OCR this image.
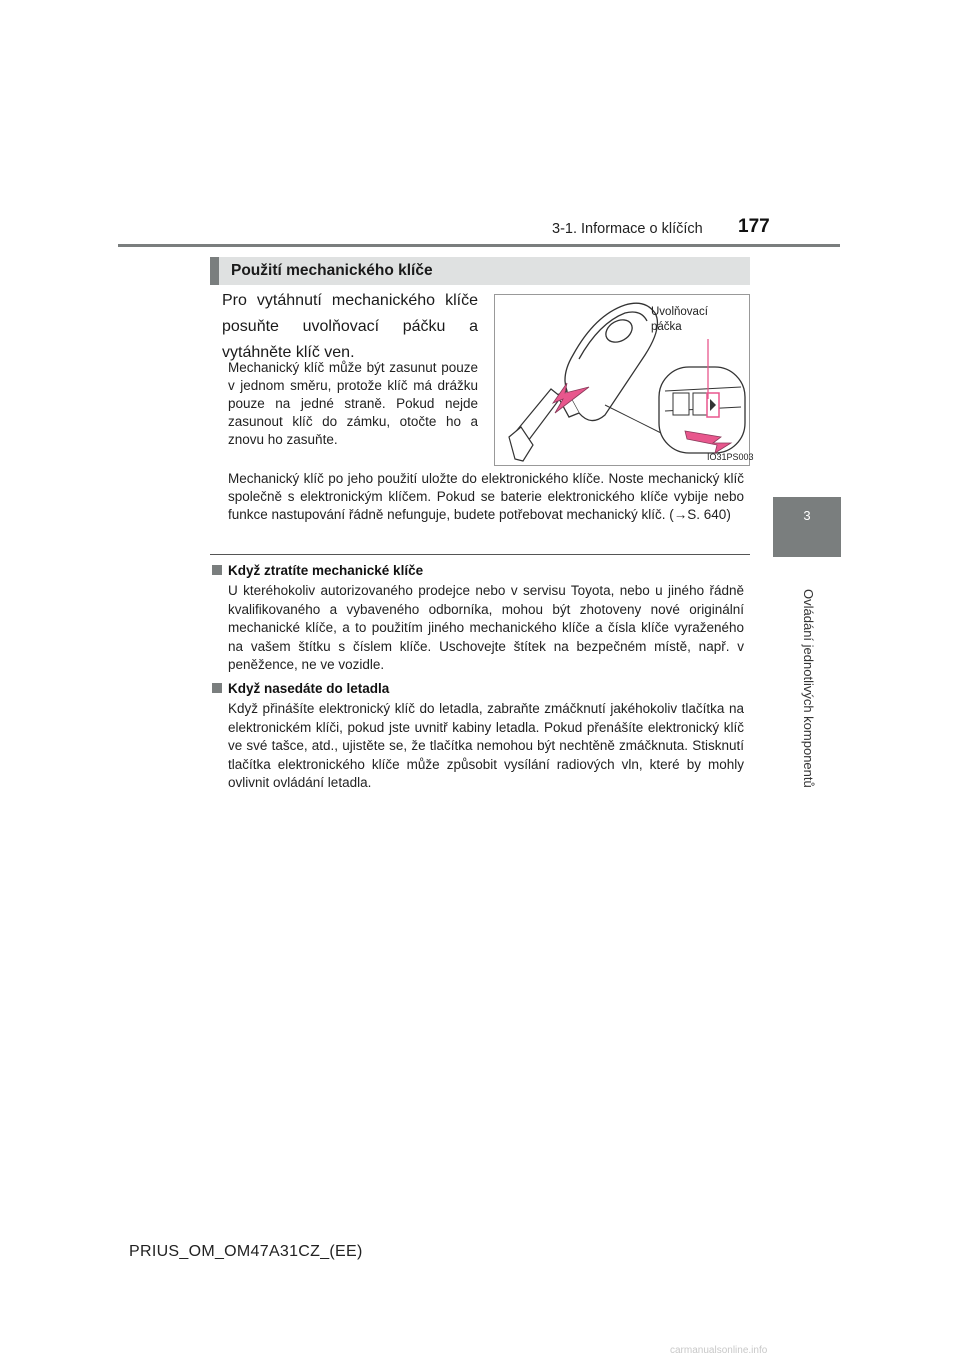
3-1. Informace o klíčích 177
3
Ovládání jednotlivých komponentů
Použití mechanického klíče
Pro vytáhnutí mechanického klíče posuňte uvolňovací páčku a vytáhněte klíč ven.
Mechanický klíč může být zasunut pouze v jednom směru, protože klíč má drážku pouze na jedné straně. Pokud nejde zasunout klíč do zámku, otočte ho a znovu ho zasuňte.
Uvolňovací
páčka
IO31PS003
Mechanický klíč po jeho použití uložte do elektronického klíče. Noste mechanický klíč společně s elektronickým klíčem. Pokud se baterie elektronického klíče vybije nebo funkce nastupování řádně nefunguje, budete potřebovat mechanický klíč. (→S. 640)
Když ztratíte mechanické klíče
U kteréhokoliv autorizovaného prodejce nebo v servisu Toyota, nebo u jiného řádně kvalifikovaného a vybaveného odborníka, mohou být zhotoveny nové originální mechanické klíče, a to použitím jiného mechanického klíče a čísla klíče vyraženého na vašem štítku s číslem klíče. Uschovejte štítek na bezpečném místě, např. v peněžence, ne ve vozidle.
Když nasedáte do letadla
Když přinášíte elektronický klíč do letadla, zabraňte zmáčknutí jakéhokoliv tlačítka na elektronickém klíči, pokud jste uvnitř kabiny letadla. Pokud přenášíte elektronický klíč ve své tašce, atd., ujistěte se, že tlačítka nemohou být nechtěně zmáčknuta. Stisknutí tlačítka elektronického klíče může způsobit vysílání radiových vln, které by mohly ovlivnit ovládání letadla.
PRIUS_OM_OM47A31CZ_(EE)
carmanualsonline.info
